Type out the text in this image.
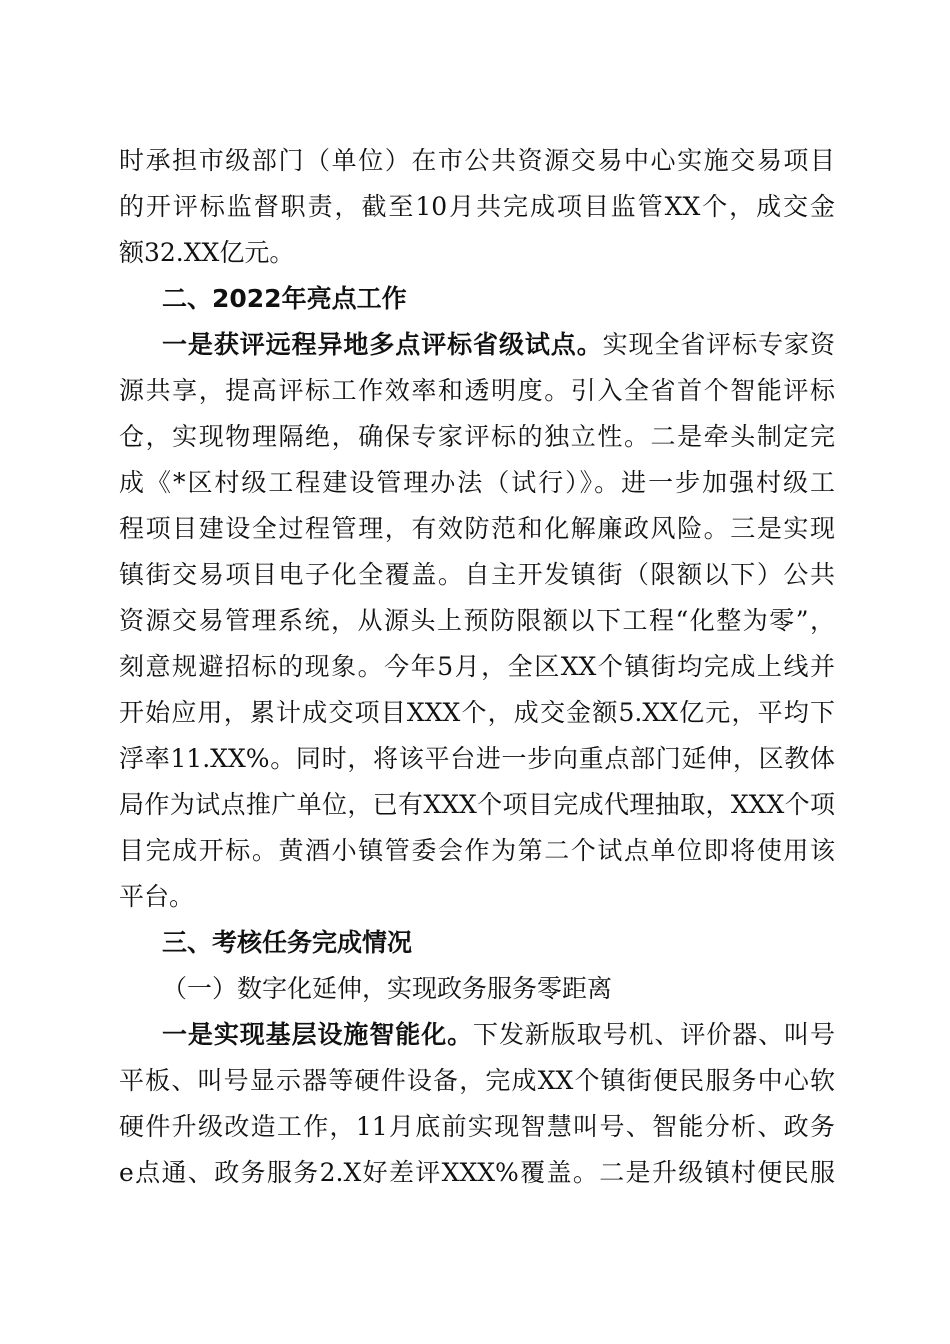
时承担市级部门（单位）在市公共资源交易中心实施交易项目
的开评标监督职责，截至10月共完成项目监管XX个，成交金
额32.XX亿元。
二、2022年亮点工作
一是获评远程异地多点评标省级试点。实现全省评标专家资
源共享，提高评标工作效率和透明度。引入全省首个智能评标
仓，实现物理隔绝，确保专家评标的独立性。二是牵头制定完
成《*区村级工程建设管理办法（试行）》。进一步加强村级工
程项目建设全过程管理，有效防范和化解廉政风险。三是实现
镇街交易项目电子化全覆盖。自主开发镇街（限额以下）公共
资源交易管理系统，从源头上预防限额以下工程“化整为零”，
刻意规避招标的现象。今年5月，全区XX个镇街均完成上线并
开始应用，累计成交项目XXX个，成交金额5.XX亿元，平均下
浮率11.XX%。同时，将该平台进一步向重点部门延伸，区教体
局作为试点推广单位，已有XXX个项目完成代理抽取，XXX个项
目完成开标。黄酒小镇管委会作为第二个试点单位即将使用该
平台。
三、考核任务完成情况
（一）数字化延伸，实现政务服务零距离
一是实现基层设施智能化。下发新版取号机、评价器、叫号
平板、叫号显示器等硬件设备，完成XX个镇街便民服务中心软
硬件升级改造工作，11月底前实现智慧叫号、智能分析、政务
e点通、政务服务2.X好差评XXX%覆盖。二是升级镇村便民服
